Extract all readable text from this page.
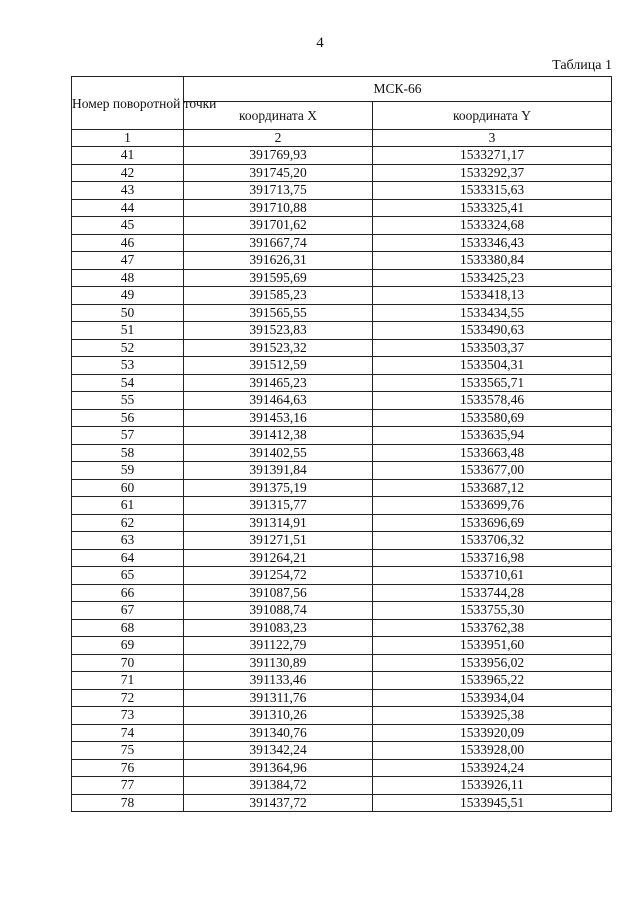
4
Таблица 1
Номер поворотной точки	МСК-66	
	координата X	координата Y
1	2	3
41	391769,93	1533271,17
42	391745,20	1533292,37
43	391713,75	1533315,63
44	391710,88	1533325,41
45	391701,62	1533324,68
46	391667,74	1533346,43
47	391626,31	1533380,84
48	391595,69	1533425,23
49	391585,23	1533418,13
50	391565,55	1533434,55
51	391523,83	1533490,63
52	391523,32	1533503,37
53	391512,59	1533504,31
54	391465,23	1533565,71
55	391464,63	1533578,46
56	391453,16	1533580,69
57	391412,38	1533635,94
58	391402,55	1533663,48
59	391391,84	1533677,00
60	391375,19	1533687,12
61	391315,77	1533699,76
62	391314,91	1533696,69
63	391271,51	1533706,32
64	391264,21	1533716,98
65	391254,72	1533710,61
66	391087,56	1533744,28
67	391088,74	1533755,30
68	391083,23	1533762,38
69	391122,79	1533951,60
70	391130,89	1533956,02
71	391133,46	1533965,22
72	391311,76	1533934,04
73	391310,26	1533925,38
74	391340,76	1533920,09
75	391342,24	1533928,00
76	391364,96	1533924,24
77	391384,72	1533926,11
78	391437,72	1533945,51
